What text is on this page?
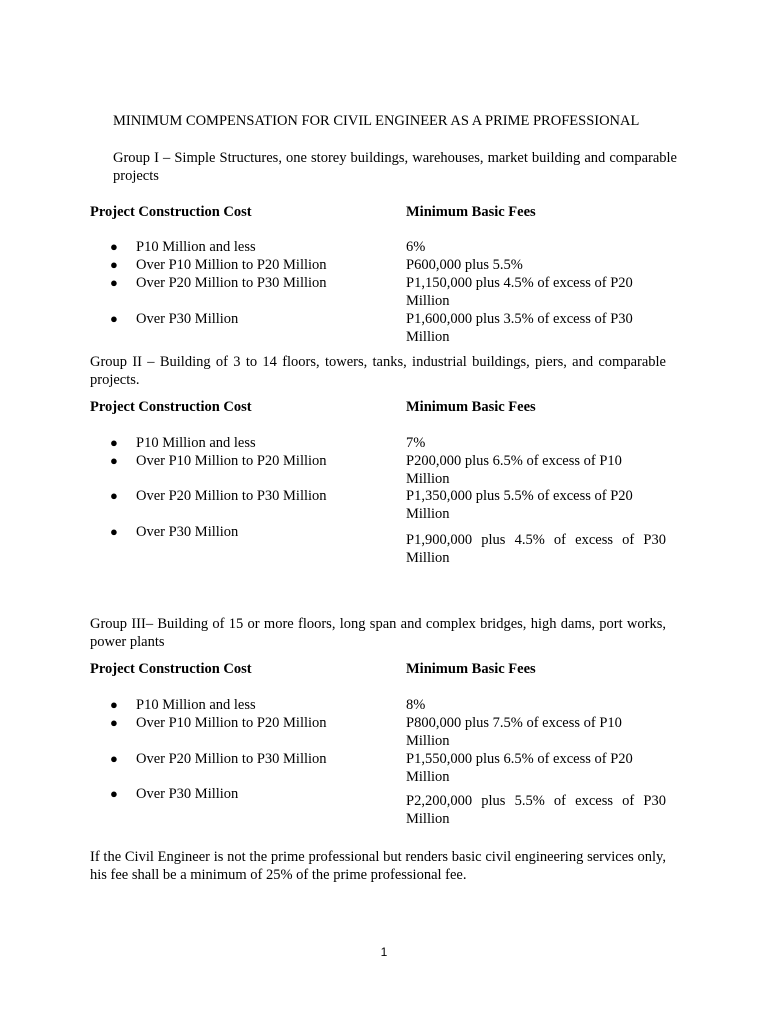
MINIMUM COMPENSATION FOR CIVIL ENGINEER AS A PRIME PROFESSIONAL
Group I – Simple Structures, one storey buildings, warehouses, market building and comparable projects
Project Construction Cost	Minimum Basic Fees
● P10 Million and less	6%
● Over P10 Million to P20 Million	P600,000 plus 5.5%
● Over P20 Million to P30 Million	P1,150,000 plus 4.5% of excess of P20 Million
● Over P30 Million	P1,600,000 plus 3.5% of excess of P30 Million
Group II – Building of 3 to 14 floors, towers, tanks, industrial buildings, piers, and comparable projects.
Project Construction Cost	Minimum Basic Fees
● P10 Million and less	7%
● Over P10 Million to P20 Million	P200,000 plus 6.5% of excess of P10 Million
● Over P20 Million to P30 Million	P1,350,000 plus 5.5% of excess of P20 Million
● Over P30 Million	P1,900,000 plus 4.5% of excess of P30 Million
Group III– Building of 15 or more floors, long span and complex bridges, high dams, port works, power plants
Project Construction Cost	Minimum Basic Fees
● P10 Million and less	8%
● Over P10 Million to P20 Million	P800,000 plus 7.5% of excess of P10 Million
● Over P20 Million to P30 Million	P1,550,000 plus 6.5% of excess of P20 Million
● Over P30 Million	P2,200,000 plus 5.5% of excess of P30 Million
If the Civil Engineer is not the prime professional but renders basic civil engineering services only, his fee shall be a minimum of 25% of the prime professional fee.
1
